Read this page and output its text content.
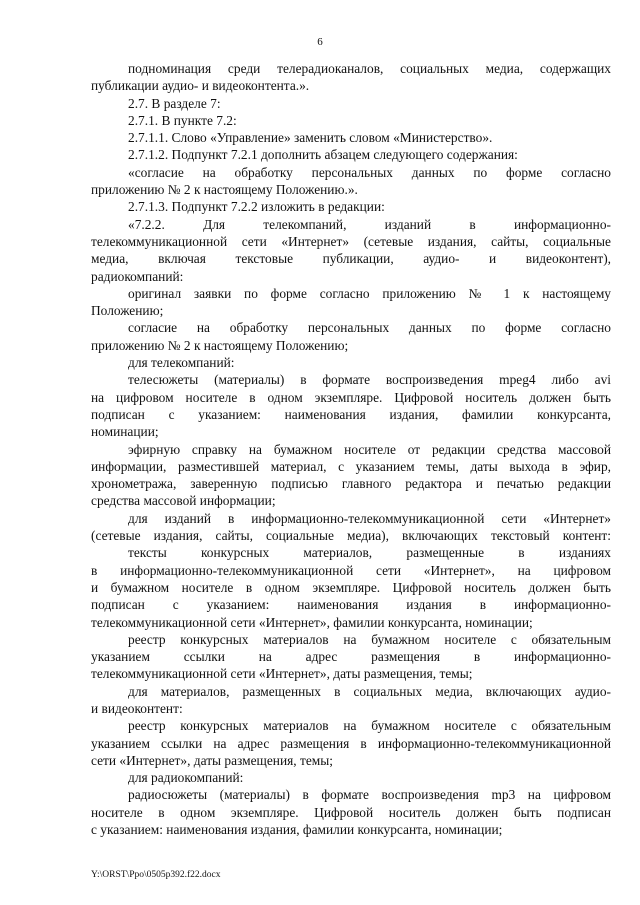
6
подноминация среди телерадиоканалов, социальных медиа, содержащих
публикации аудио- и видеоконтента.».
2.7. В разделе 7:
2.7.1. В пункте 7.2:
2.7.1.1. Слово «Управление» заменить словом «Министерство».
2.7.1.2. Подпункт 7.2.1 дополнить абзацем следующего содержания:
«согласие на обработку персональных данных по форме согласно
приложению № 2 к настоящему Положению.».
2.7.1.3. Подпункт 7.2.2 изложить в редакции:
«7.2.2. Для телекомпаний, изданий в информационно-
телекоммуникационной сети «Интернет» (сетевые издания, сайты, социальные
медиа, включая текстовые публикации, аудио- и видеоконтент),
радиокомпаний:
оригинал заявки по форме согласно приложению № 1 к настоящему
Положению;
согласие на обработку персональных данных по форме согласно
приложению № 2 к настоящему Положению;
для телекомпаний:
телесюжеты (материалы) в формате воспроизведения mpeg4 либо avi
на цифровом носителе в одном экземпляре. Цифровой носитель должен быть
подписан с указанием: наименования издания, фамилии конкурсанта,
номинации;
эфирную справку на бумажном носителе от редакции средства массовой
информации, разместившей материал, с указанием темы, даты выхода в эфир,
хронометража, заверенную подписью главного редактора и печатью редакции
средства массовой информации;
для изданий в информационно-телекоммуникационной сети «Интернет»
(сетевые издания, сайты, социальные медиа), включающих текстовый контент:
тексты конкурсных материалов, размещенные в изданиях
в информационно-телекоммуникационной сети «Интернет», на цифровом
и бумажном носителе в одном экземпляре. Цифровой носитель должен быть
подписан с указанием: наименования издания в информационно-
телекоммуникационной сети «Интернет», фамилии конкурсанта, номинации;
реестр конкурсных материалов на бумажном носителе с обязательным
указанием ссылки на адрес размещения в информационно-
телекоммуникационной сети «Интернет», даты размещения, темы;
для материалов, размещенных в социальных медиа, включающих аудио-
и видеоконтент:
реестр конкурсных материалов на бумажном носителе с обязательным
указанием ссылки на адрес размещения в информационно-телекоммуникационной
сети «Интернет», даты размещения, темы;
для радиокомпаний:
радиосюжеты (материалы) в формате воспроизведения mp3 на цифровом
носителе в одном экземпляре. Цифровой носитель должен быть подписан
с указанием: наименования издания, фамилии конкурсанта, номинации;
Y:\ORST\Ppo\0505p392.f22.docx
